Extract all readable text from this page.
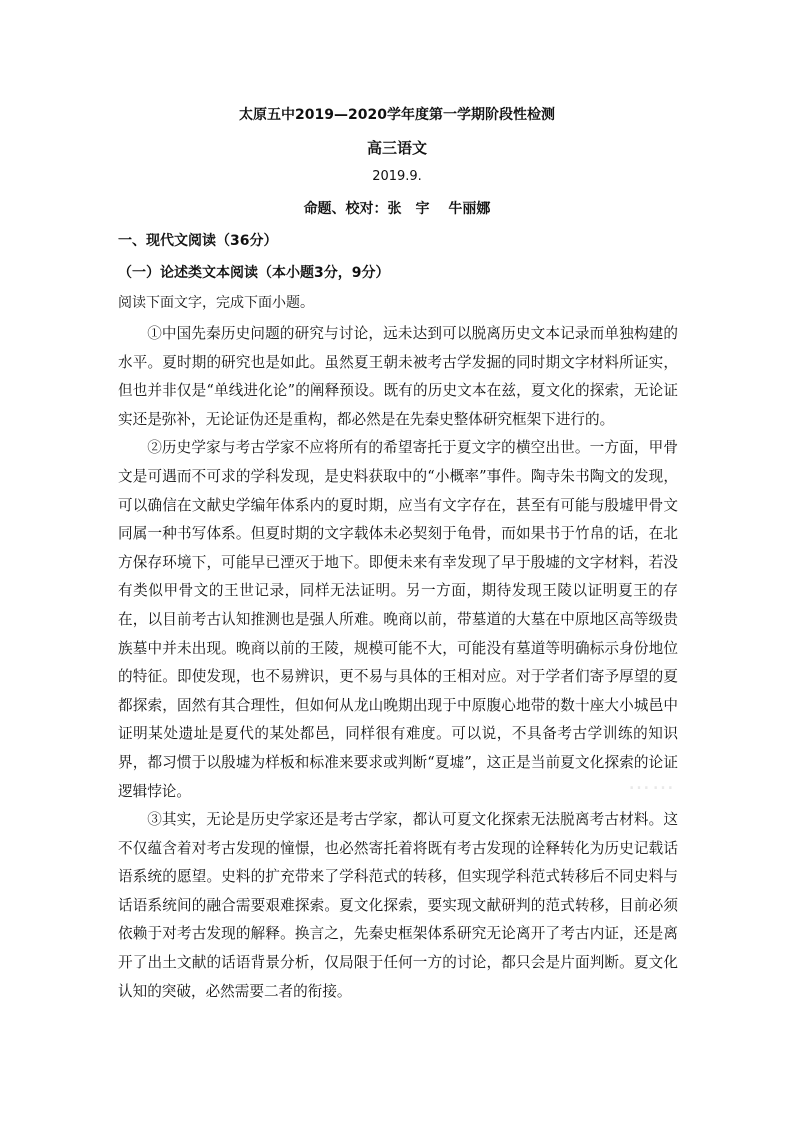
太原五中2019—2020学年度第一学期阶段性检测
高三语文
2019.9.
命题、校对：张　宇　 牛丽娜
一、现代文阅读（36分）
（一）论述类文本阅读（本小题3分，9分）
阅读下面文字，完成下面小题。

①中国先秦历史问题的研究与讨论，远未达到可以脱离历史文本记录而单独构建的水平。夏时期的研究也是如此。虽然夏王朝未被考古学发掘的同时期文字材料所证实，但也并非仅是“单线进化论”的阐释预设。既有的历史文本在兹，夏文化的探索，无论证实还是弥补，无论证伪还是重构，都必然是在先秦史整体研究框架下进行的。

②历史学家与考古学家不应将所有的希望寄托于夏文字的横空出世。一方面，甲骨文是可遇而不可求的学科发现，是史料获取中的“小概率”事件。陶寺朱书陶文的发现，可以确信在文献史学编年体系内的夏时期，应当有文字存在，甚至有可能与殷墟甲骨文同属一种书写体系。但夏时期的文字载体未必契刻于龟骨，而如果书于竹帛的话，在北方保存环境下，可能早已湮灭于地下。即便未来有幸发现了早于殷墟的文字材料，若没有类似甲骨文的王世记录，同样无法证明。另一方面，期待发现王陵以证明夏王的存在，以目前考古认知推测也是强人所难。晚商以前，带墓道的大墓在中原地区高等级贵族墓中并未出现。晚商以前的王陵，规模可能不大，可能没有墓道等明确标示身份地位的特征。即使发现，也不易辨识，更不易与具体的王相对应。对于学者们寄予厚望的夏都探索，固然有其合理性，但如何从龙山晚期出现于中原腹心地带的数十座大小城邑中证明某处遗址是夏代的某处都邑，同样很有难度。可以说，不具备考古学训练的知识界，都习惯于以殷墟为样板和标准来要求或判断“夏墟”，这正是当前夏文化探索的论证逻辑悖论。

③其实，无论是历史学家还是考古学家，都认可夏文化探索无法脱离考古材料。这不仅蕴含着对考古发现的憧憬，也必然寄托着将既有考古发现的诠释转化为历史记载话语系统的愿望。史料的扩充带来了学科范式的转移，但实现学科范式转移后不同史料与话语系统间的融合需要艰难探索。夏文化探索，要实现文献研判的范式转移，目前必须依赖于对考古发现的解释。换言之，先秦史框架体系研究无论离开了考古内证，还是离开了出土文献的话语背景分析，仅局限于任何一方的讨论，都只会是片面判断。夏文化认知的突破，必然需要二者的衔接。

……
